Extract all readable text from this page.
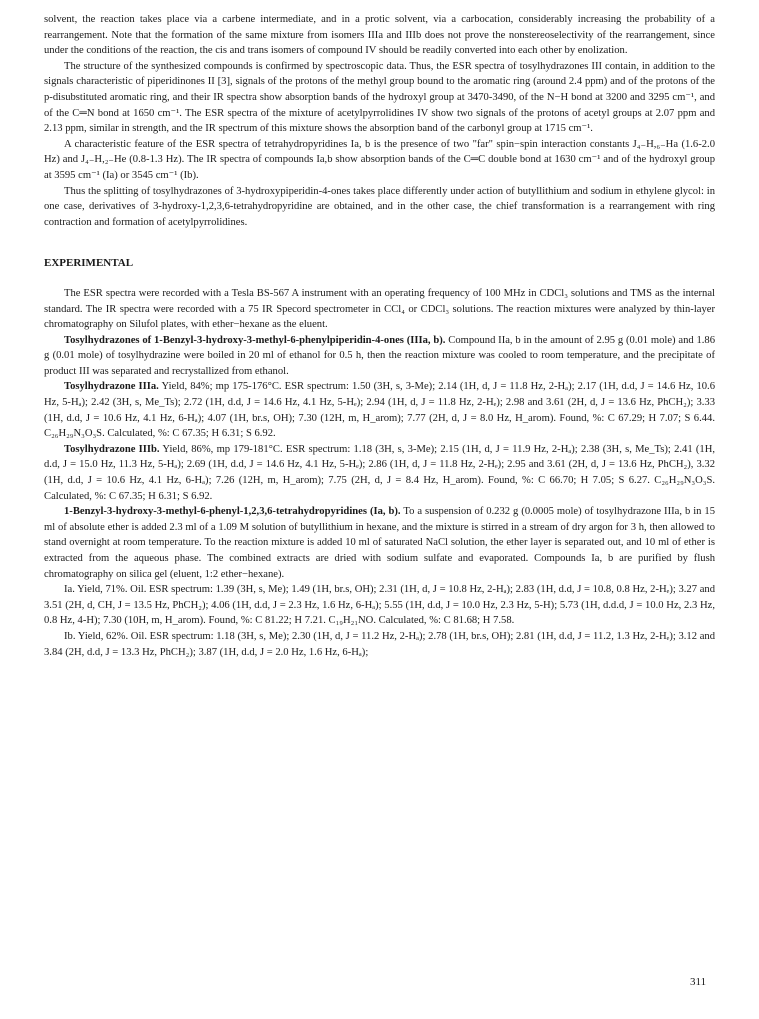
solvent, the reaction takes place via a carbene intermediate, and in a protic solvent, via a carbocation, considerably increasing the probability of a rearrangement. Note that the formation of the same mixture from isomers IIIa and IIIb does not prove the nonstereoselectivity of the rearrangement, since under the conditions of the reaction, the cis and trans isomers of compound IV should be readily converted into each other by enolization.

The structure of the synthesized compounds is confirmed by spectroscopic data. Thus, the ESR spectra of tosylhydrazones III contain, in addition to the signals characteristic of piperidinones II [3], signals of the protons of the methyl group bound to the aromatic ring (around 2.4 ppm) and of the protons of the p-disubstituted aromatic ring, and their IR spectra show absorption bands of the hydroxyl group at 3470-3490, of the N−H bond at 3200 and 3295 cm⁻¹, and of the C═N bond at 1650 cm⁻¹. The ESR spectra of the mixture of acetylpyrrolidines IV show two signals of the protons of acetyl groups at 2.07 ppm and 2.13 ppm, similar in strength, and the IR spectrum of this mixture shows the absorption band of the carbonyl group at 1715 cm⁻¹.

A characteristic feature of the ESR spectra of tetrahydropyridines Ia, b is the presence of two "far" spin−spin interaction constants J₄₋H,₆₋Ha (1.6-2.0 Hz) and J₄₋H,₂₋He (0.8-1.3 Hz). The IR spectra of compounds Ia,b show absorption bands of the C═C double bond at 1630 cm⁻¹ and of the hydroxyl group at 3595 cm⁻¹ (Ia) or 3545 cm⁻¹ (Ib).

Thus the splitting of tosylhydrazones of 3-hydroxypiperidin-4-ones takes place differently under action of butyllithium and sodium in ethylene glycol: in one case, derivatives of 3-hydroxy-1,2,3,6-tetrahydropyridine are obtained, and in the other case, the chief transformation is a rearrangement with ring contraction and formation of acetylpyrrolidines.

EXPERIMENTAL

The ESR spectra were recorded with a Tesla BS-567 A instrument with an operating frequency of 100 MHz in CDCl₃ solutions and TMS as the internal standard. The IR spectra were recorded with a 75 IR Specord spectrometer in CCl₄ or CDCl₃ solutions. The reaction mixtures were analyzed by thin-layer chromatography on Silufol plates, with ether−hexane as the eluent.

Tosylhydrazones of 1-Benzyl-3-hydroxy-3-methyl-6-phenylpiperidin-4-ones (IIIa, b). Compound IIa, b in the amount of 2.95 g (0.01 mole) and 1.86 g (0.01 mole) of tosylhydrazine were boiled in 20 ml of ethanol for 0.5 h, then the reaction mixture was cooled to room temperature, and the precipitate of product III was separated and recrystallized from ethanol.

Tosylhydrazone IIIa. Yield, 84%; mp 175-176°C. ESR spectrum: 1.50 (3H, s, 3-Me); 2.14 (1H, d, J = 11.8 Hz, 2-Hₐ); 2.17 (1H, d.d, J = 14.6 Hz, 10.6 Hz, 5-Hₐ); 2.42 (3H, s, Me_Ts); 2.72 (1H, d.d, J = 14.6 Hz, 4.1 Hz, 5-Hₑ); 2.94 (1H, d, J = 11.8 Hz, 2-Hₑ); 2.98 and 3.61 (2H, d, J = 13.6 Hz, PhCH₂); 3.33 (1H, d.d, J = 10.6 Hz, 4.1 Hz, 6-Hₐ); 4.07 (1H, br.s, OH); 7.30 (12H, m, H_arom); 7.77 (2H, d, J = 8.0 Hz, H_arom). Found, %: C 67.29; H 7.07; S 6.44. C₂₆H₂₉N₃O₃S. Calculated, %: C 67.35; H 6.31; S 6.92.

Tosylhydrazone IIIb. Yield, 86%, mp 179-181°C. ESR spectrum: 1.18 (3H, s, 3-Me); 2.15 (1H, d, J = 11.9 Hz, 2-Hₐ); 2.38 (3H, s, Me_Ts); 2.41 (1H, d.d, J = 15.0 Hz, 11.3 Hz, 5-Hₐ); 2.69 (1H, d.d, J = 14.6 Hz, 4.1 Hz, 5-Hₑ); 2.86 (1H, d, J = 11.8 Hz, 2-Hₑ); 2.95 and 3.61 (2H, d, J = 13.6 Hz, PhCH₂), 3.32 (1H, d.d, J = 10.6 Hz, 4.1 Hz, 6-Hₐ); 7.26 (12H, m, H_arom); 7.75 (2H, d, J = 8.4 Hz, H_arom). Found, %: C 66.70; H 7.05; S 6.27. C₂₆H₂₉N₃O₃S. Calculated, %: C 67.35; H 6.31; S 6.92.

1-Benzyl-3-hydroxy-3-methyl-6-phenyl-1,2,3,6-tetrahydropyridines (Ia, b). To a suspension of 0.232 g (0.0005 mole) of tosylhydrazone IIIa, b in 15 ml of absolute ether is added 2.3 ml of a 1.09 M solution of butyllithium in hexane, and the mixture is stirred in a stream of dry argon for 3 h, then allowed to stand overnight at room temperature. To the reaction mixture is added 10 ml of saturated NaCl solution, the ether layer is separated out, and 10 ml of ether is extracted from the aqueous phase. The combined extracts are dried with sodium sulfate and evaporated. Compounds Ia, b are purified by flush chromatography on silica gel (eluent, 1:2 ether−hexane).

Ia. Yield, 71%. Oil. ESR spectrum: 1.39 (3H, s, Me); 1.49 (1H, br.s, OH); 2.31 (1H, d, J = 10.8 Hz, 2-Hₐ); 2.83 (1H, d.d, J = 10.8, 0.8 Hz, 2-Hₑ); 3.27 and 3.51 (2H, d, CH, J = 13.5 Hz, PhCH₂); 4.06 (1H, d.d, J = 2.3 Hz, 1.6 Hz, 6-Hₐ); 5.55 (1H, d.d, J = 10.0 Hz, 2.3 Hz, 5-H); 5.73 (1H, d.d.d, J = 10.0 Hz, 2.3 Hz, 0.8 Hz, 4-H); 7.30 (10H, m, H_arom). Found, %: C 81.22; H 7.21. C₁₉H₂₁NO. Calculated, %: C 81.68; H 7.58.

Ib. Yield, 62%. Oil. ESR spectrum: 1.18 (3H, s, Me); 2.30 (1H, d, J = 11.2 Hz, 2-Hₐ); 2.78 (1H, br.s, OH); 2.81 (1H, d.d, J = 11.2, 1.3 Hz, 2-Hₑ); 3.12 and 3.84 (2H, d.d, J = 13.3 Hz, PhCH₂); 3.87 (1H, d.d, J = 2.0 Hz, 1.6 Hz, 6-Hₐ);

311
